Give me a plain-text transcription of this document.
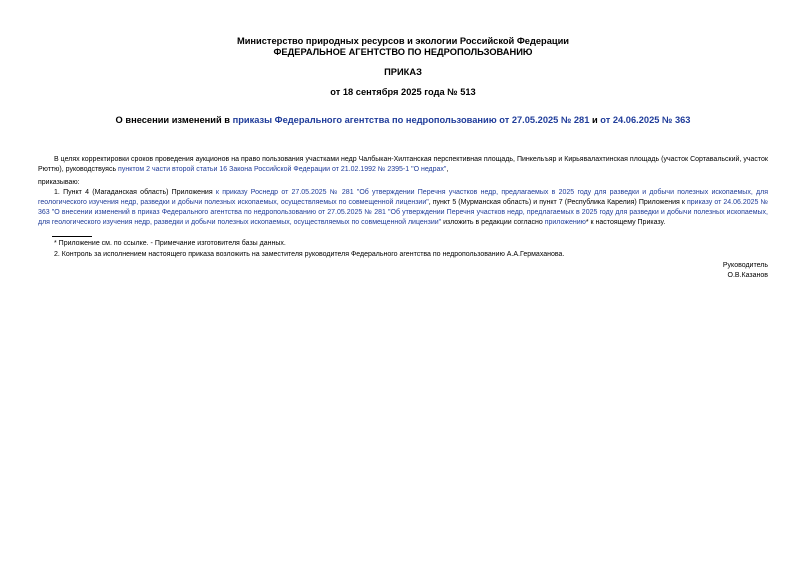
Министерство природных ресурсов и экологии Российской Федерации
ФЕДЕРАЛЬНОЕ АГЕНТСТВО ПО НЕДРОПОЛЬЗОВАНИЮ
ПРИКАЗ
от 18 сентября 2025 года № 513
О внесении изменений в приказы Федерального агентства по недропользованию от 27.05.2025 № 281 и от 24.06.2025 № 363
В целях корректировки сроков проведения аукционов на право пользования участками недр Чалбыкан-Хилтанская перспективная площадь, Пинкельъяр и Кирьявалахтинская площадь (участок Сортавальский, участок Рюттю), руководствуясь пунктом 2 части второй статьи 16 Закона Российской Федерации от 21.02.1992 № 2395-1 "О недрах",
приказываю:
1. Пункт 4 (Магаданская область) Приложения к приказу Роснедр от 27.05.2025 № 281 "Об утверждении Перечня участков недр, предлагаемых в 2025 году для разведки и добычи полезных ископаемых, для геологического изучения недр, разведки и добычи полезных ископаемых, осуществляемых по совмещенной лицензии", пункт 5 (Мурманская область) и пункт 7 (Республика Карелия) Приложения к приказу от 24.06.2025 № 363 "О внесении изменений в приказ Федерального агентства по недропользованию от 27.05.2025 № 281 "Об утверждении Перечня участков недр, предлагаемых в 2025 году для разведки и добычи полезных ископаемых, для геологического изучения недр, разведки и добычи полезных ископаемых, осуществляемых по совмещенной лицензии" изложить в редакции согласно приложению* к настоящему Приказу.
* Приложение см. по ссылке. - Примечание изготовителя базы данных.
2. Контроль за исполнением настоящего приказа возложить на заместителя руководителя Федерального агентства по недропользованию А.А.Гермаханова.
Руководитель
О.В.Казанов
